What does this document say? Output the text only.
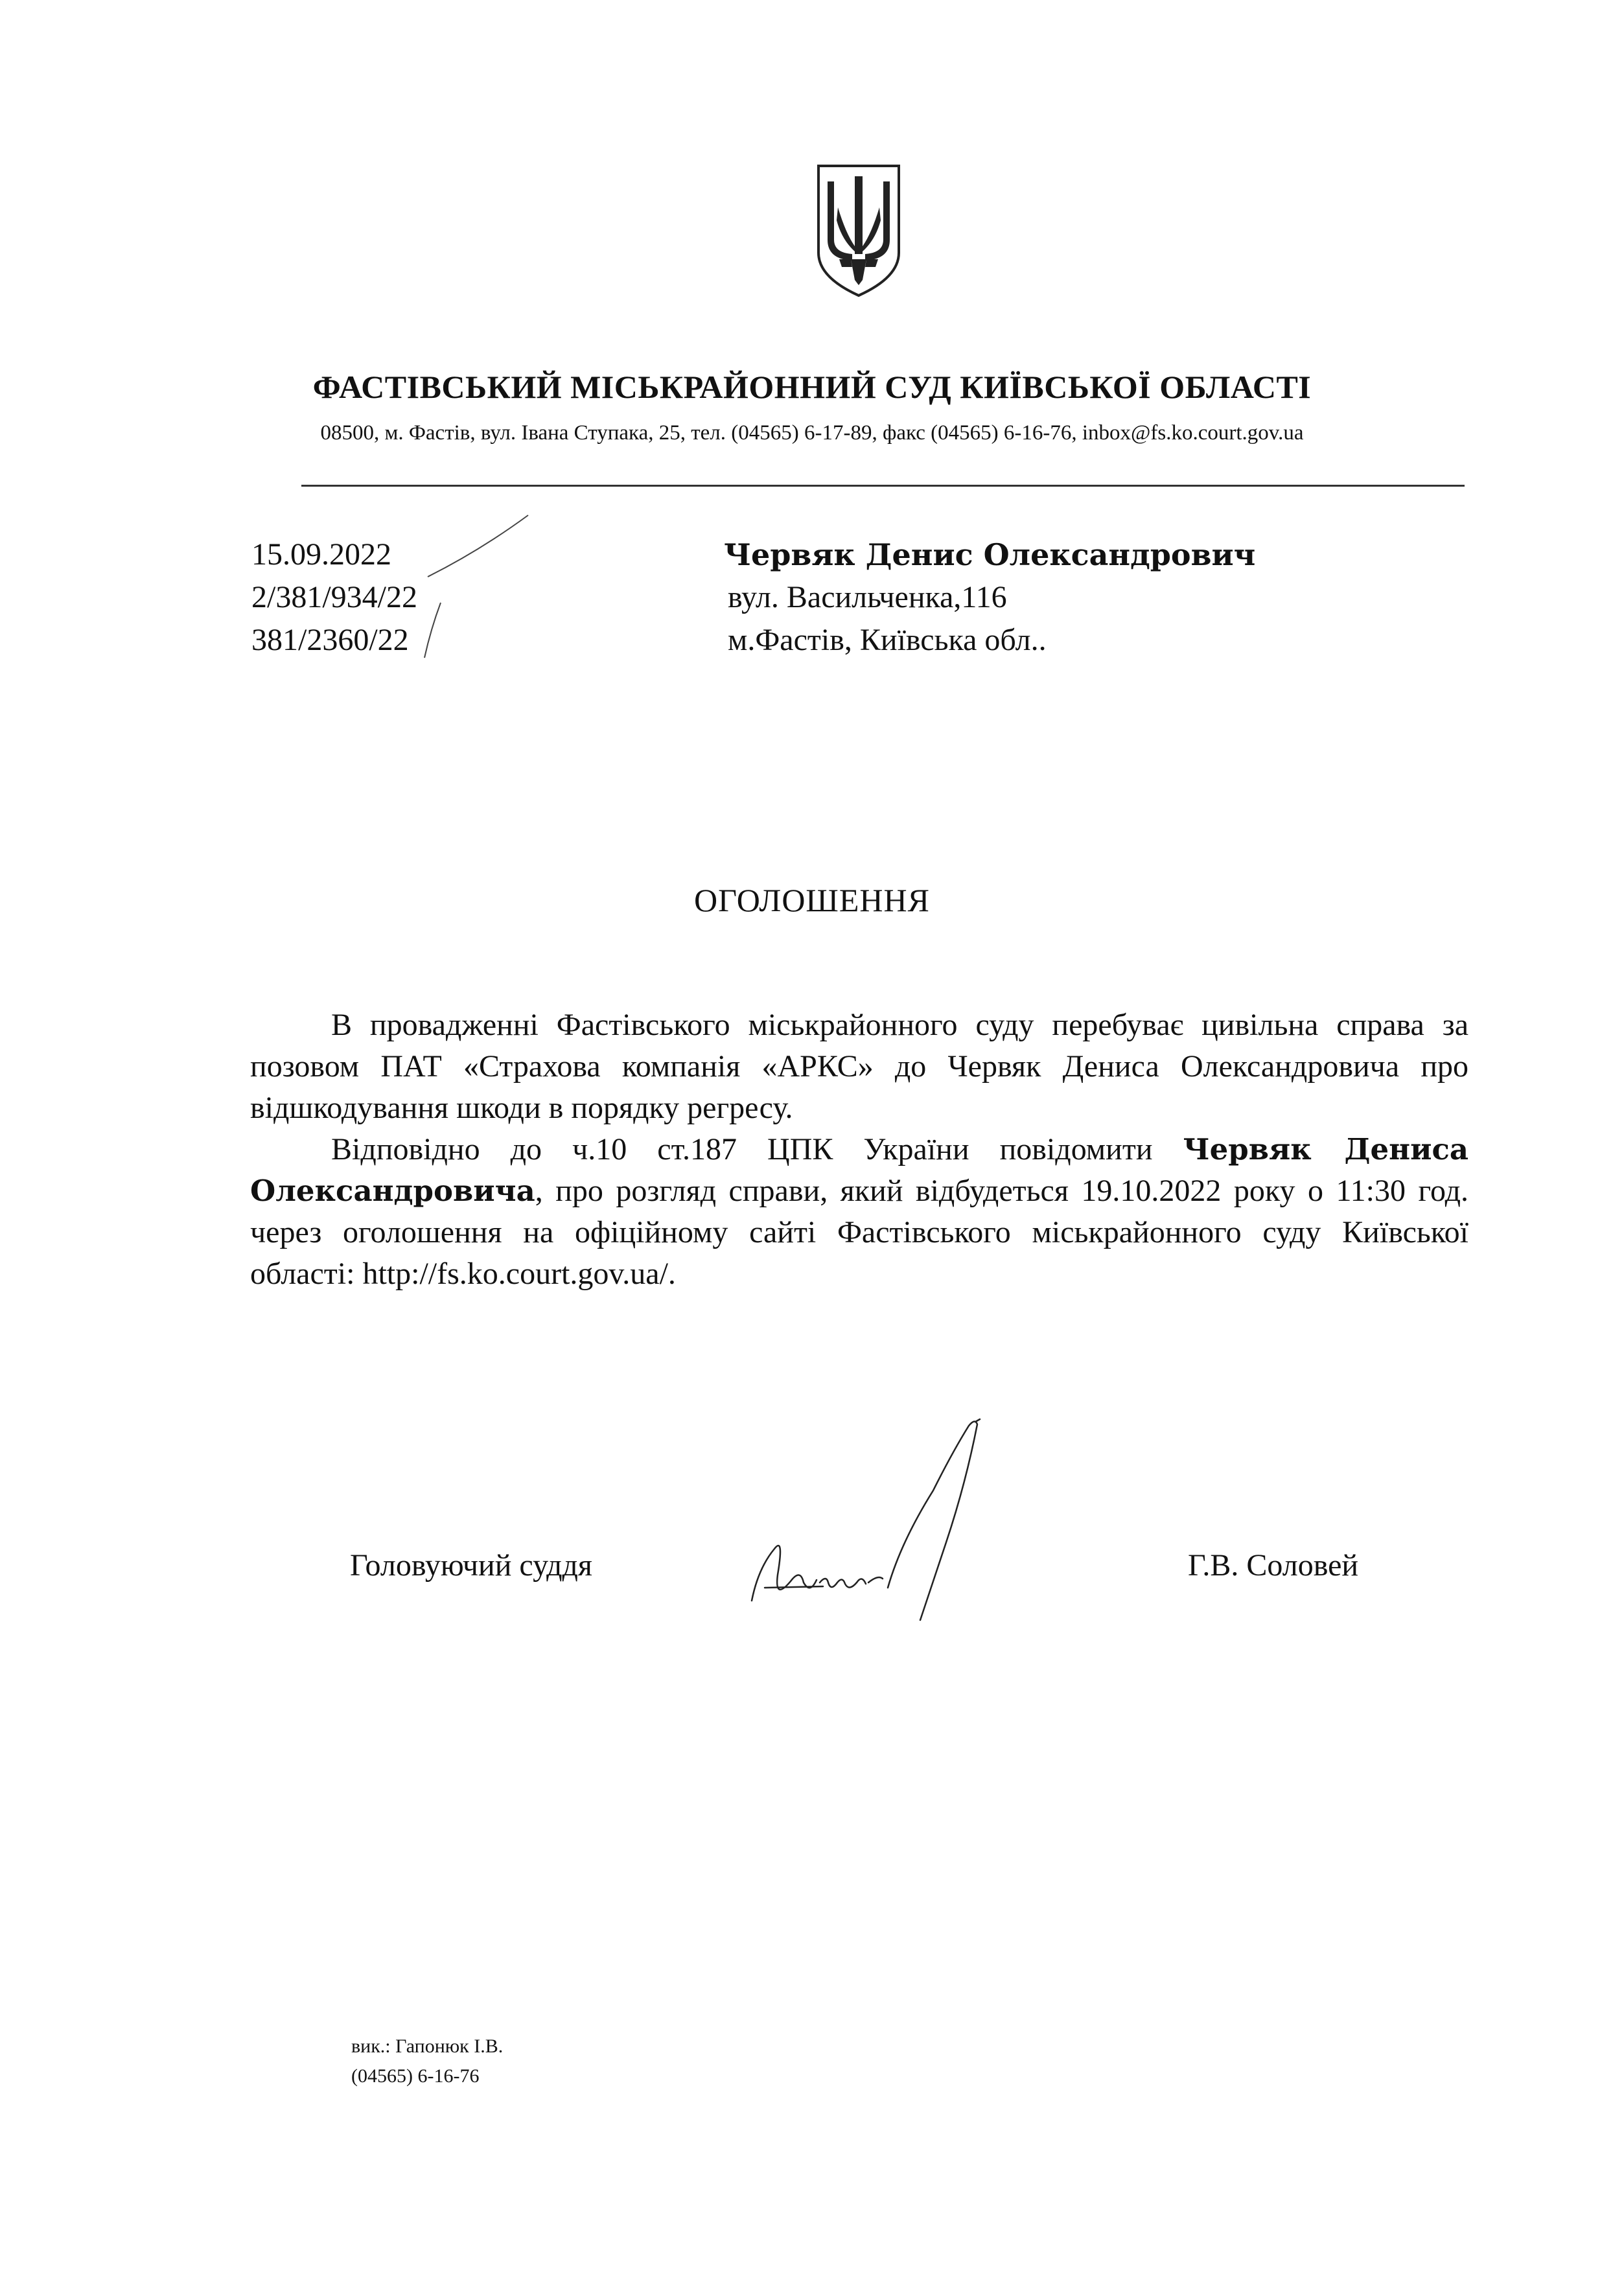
ФАСТІВСЬКИЙ МІСЬКРАЙОННИЙ СУД КИЇВСЬКОЇ ОБЛАСТІ
08500, м. Фастів, вул. Івана Ступака, 25, тел. (04565) 6-17-89, факс (04565) 6-16-76, inbox@fs.ko.court.gov.ua
15.09.2022
2/381/934/22
381/2360/22
Червяк Денис Олександрович
вул. Васильченка,116
м.Фастів, Київська обл..
ОГОЛОШЕННЯ

В провадженні Фастівського міськрайонного суду перебуває цивільна справа за позовом ПАТ «Страхова компанія «АРКС» до Червяк Дениса Олександровича про відшкодування шкоди в порядку регресу.

Відповідно до ч.10 ст.187 ЦПК України повідомити Червяк Дениса Олександровича, про розгляд справи, який відбудеться 19.10.2022 року о 11:30 год. через оголошення на офіційному сайті Фастівського міськрайонного суду Київської області: http://fs.ko.court.gov.ua/.

Головуючий суддя	Г.В. Соловей
вик.: Гапонюк І.В.
(04565) 6-16-76
